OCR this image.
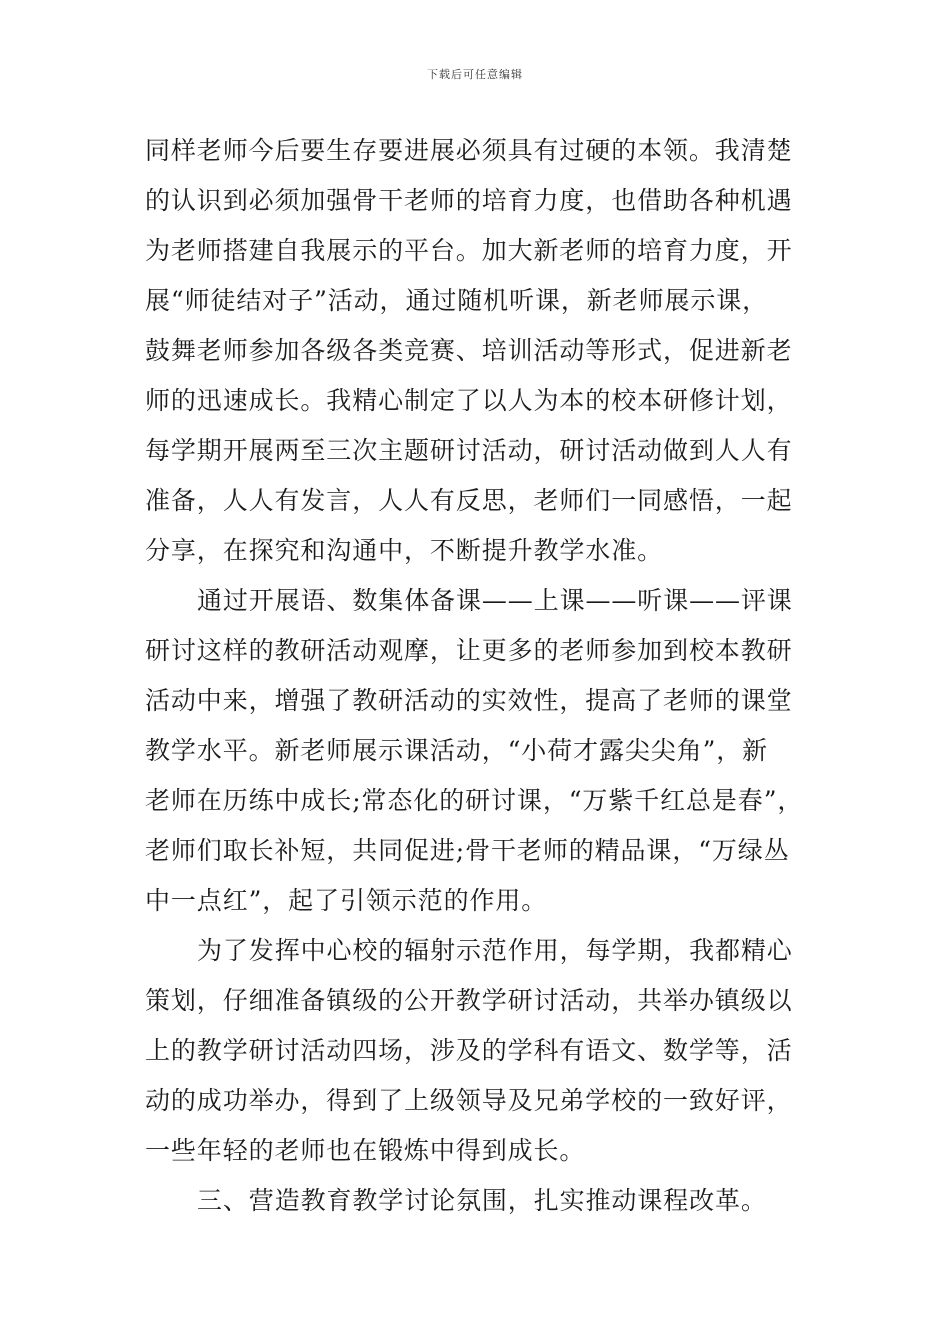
下载后可任意编辑
同样老师今后要生存要进展必须具有过硬的本领。我清楚
的认识到必须加强骨干老师的培育力度，也借助各种机遇
为老师搭建自我展示的平台。加大新老师的培育力度，开
展“师徒结对子”活动，通过随机听课，新老师展示课，
鼓舞老师参加各级各类竞赛、培训活动等形式，促进新老
师的迅速成长。我精心制定了以人为本的校本研修计划，
每学期开展两至三次主题研讨活动，研讨活动做到人人有
准备，人人有发言，人人有反思，老师们一同感悟，一起
分享，在探究和沟通中，不断提升教学水准。
通过开展语、数集体备课——上课——听课——评课
研讨这样的教研活动观摩，让更多的老师参加到校本教研
活动中来，增强了教研活动的实效性，提高了老师的课堂
教学水平。新老师展示课活动，“小荷才露尖尖角”，新
老师在历练中成长;常态化的研讨课，“万紫千红总是春”，
老师们取长补短，共同促进;骨干老师的精品课，“万绿丛
中一点红”，起了引领示范的作用。
为了发挥中心校的辐射示范作用，每学期，我都精心
策划，仔细准备镇级的公开教学研讨活动，共举办镇级以
上的教学研讨活动四场，涉及的学科有语文、数学等，活
动的成功举办，得到了上级领导及兄弟学校的一致好评，
一些年轻的老师也在锻炼中得到成长。
三、营造教育教学讨论氛围，扎实推动课程改革。
